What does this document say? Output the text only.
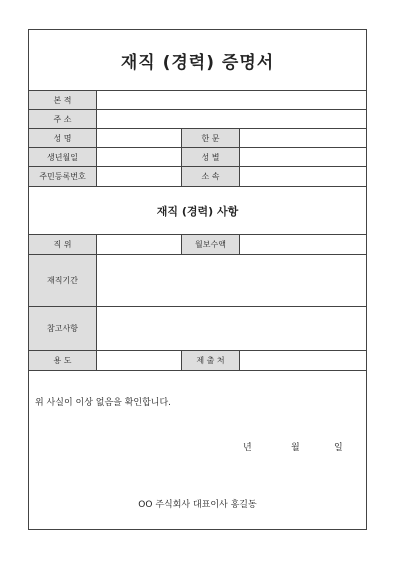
재직 (경력) 증명서
본 적
주 소
성 명	한 문
생년월일	성 별
주민등록번호	소 속
재직 (경력) 사항
직 위	월보수액
재직기간
참고사항
용 도	제 출 처
위 사실이 이상 없음을 확인합니다.
년	월	일
OO 주식회사 대표이사 홍길동
